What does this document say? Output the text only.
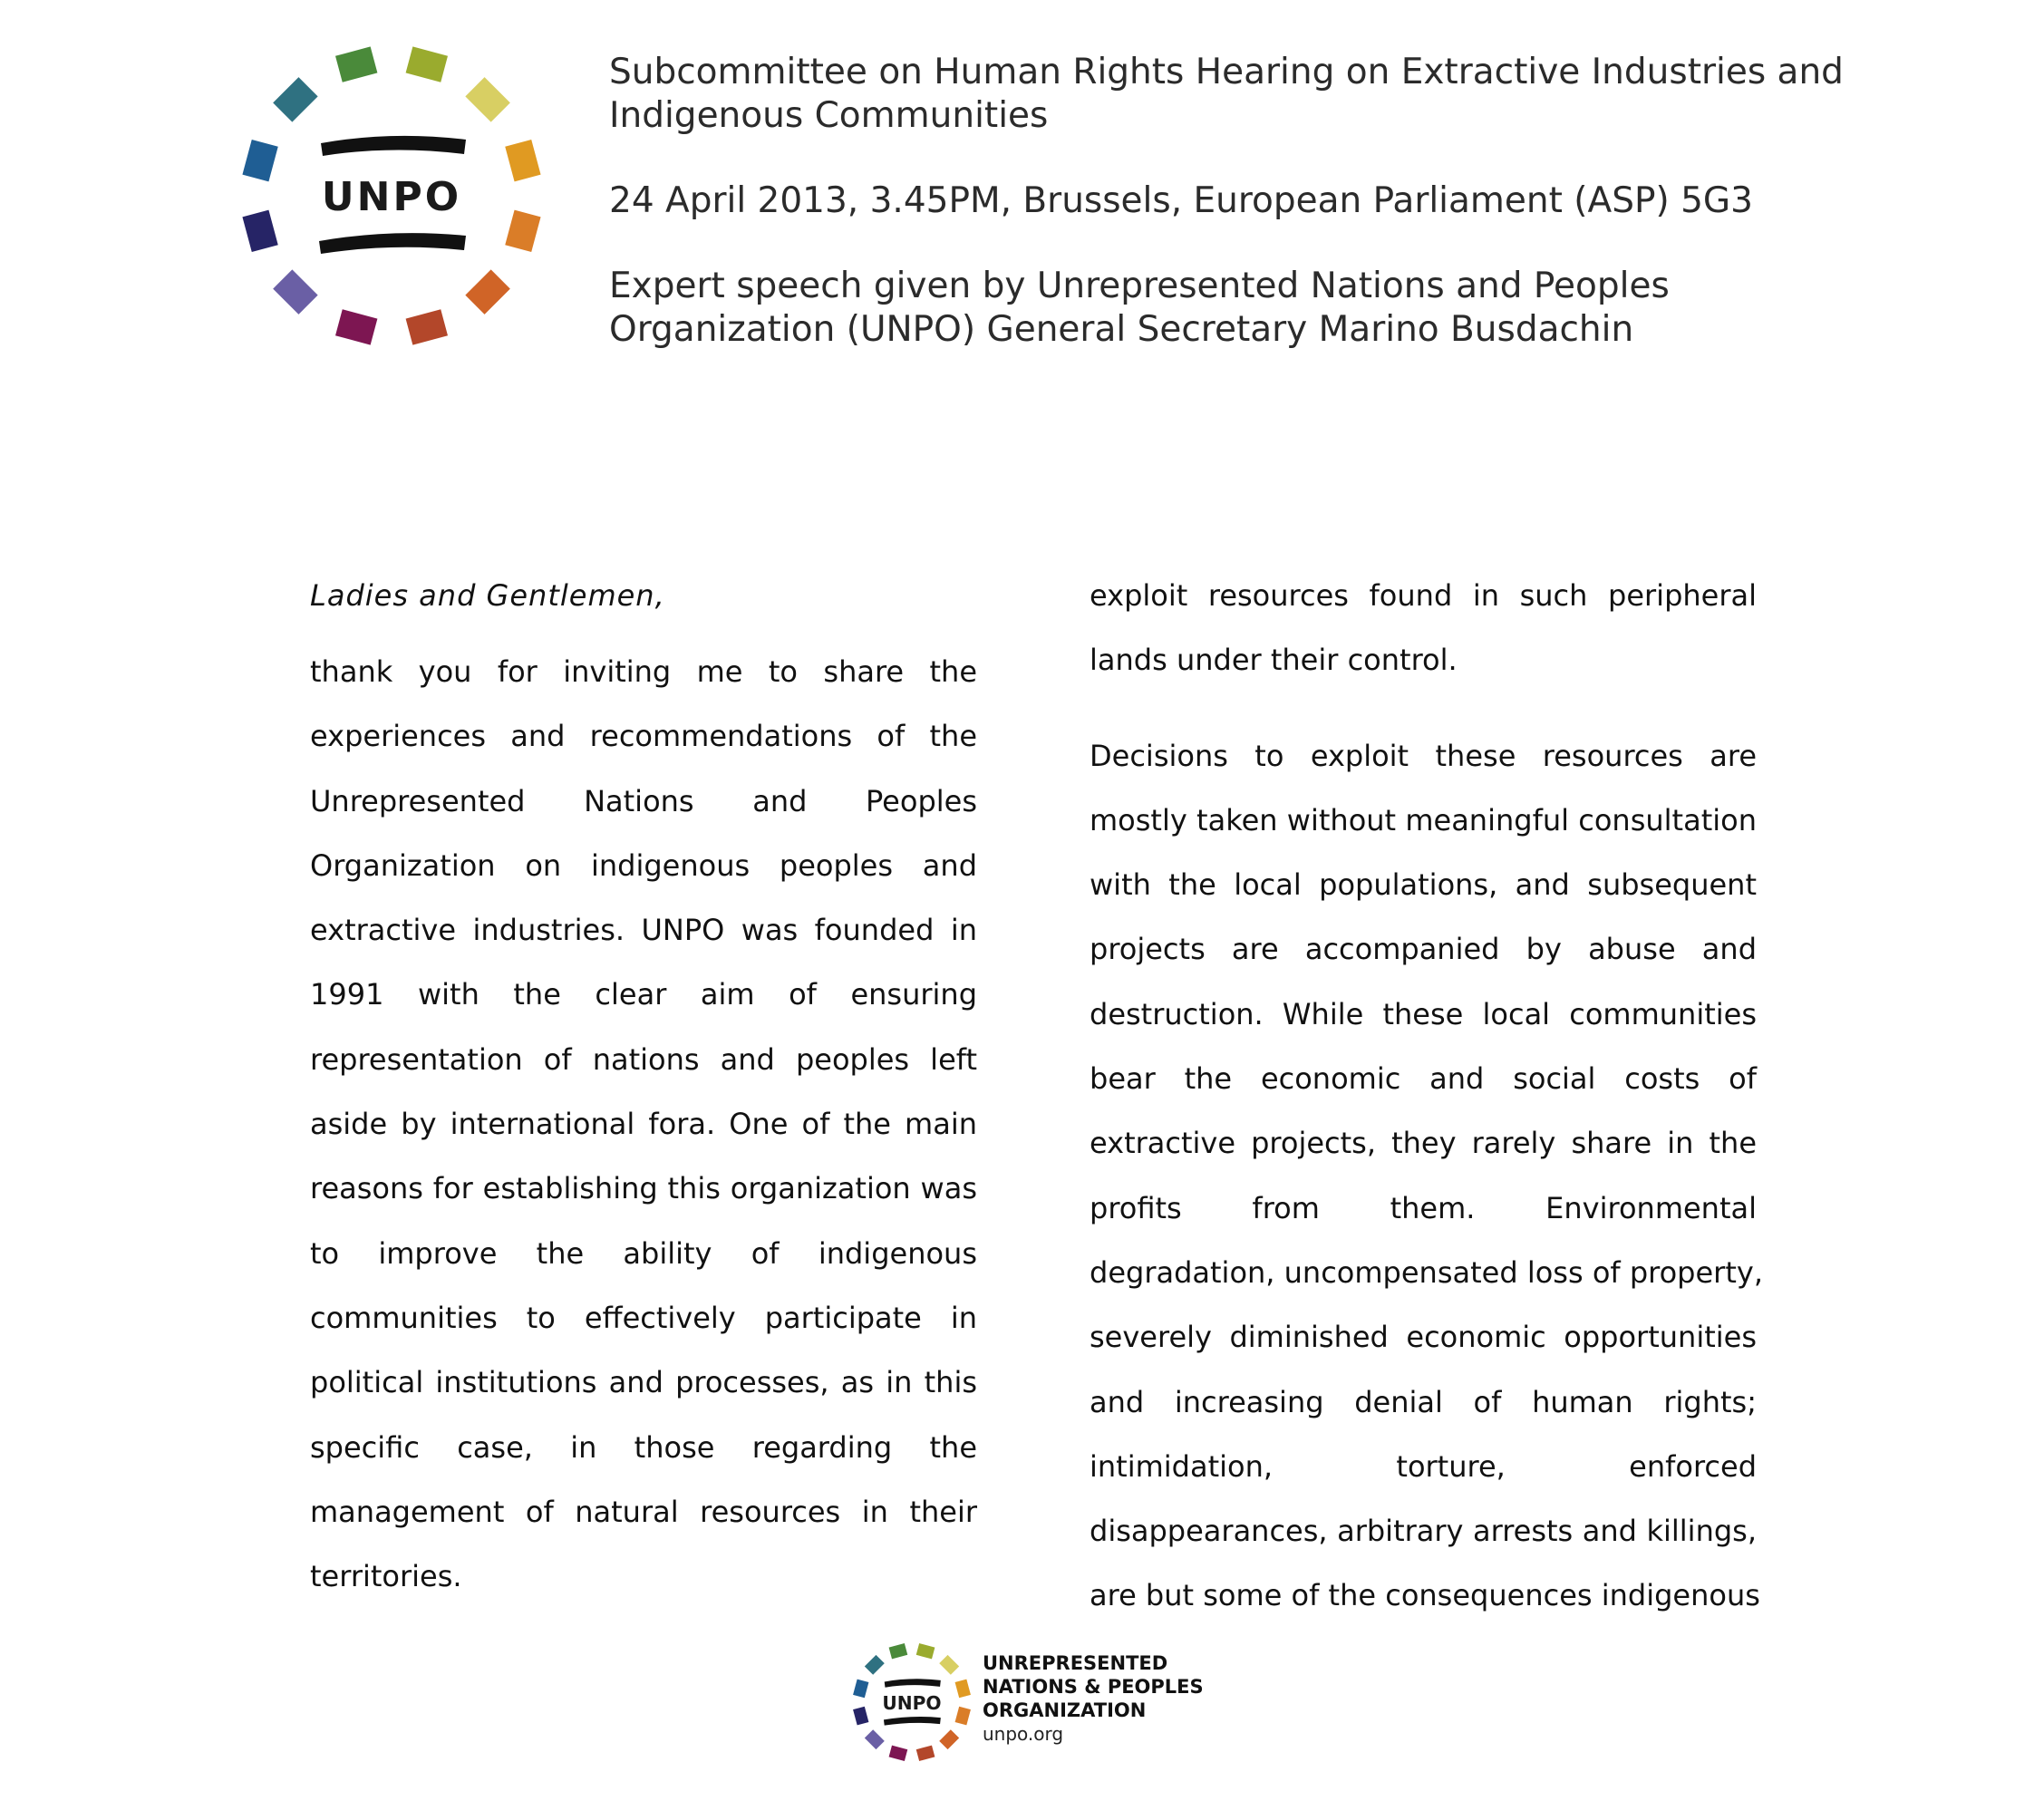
UNPO
Subcommittee on Human Rights Hearing on Extractive Industries and
Indigenous Communities
24 April 2013, 3.45PM, Brussels, European Parliament (ASP) 5G3
Expert speech given by Unrepresented Nations and Peoples
Organization (UNPO) General Secretary Marino Busdachin
Ladies and Gentlemen,
thank you for inviting me to share the
experiences and recommendations of the
Unrepresented Nations and Peoples
Organization on indigenous peoples and
extractive industries. UNPO was founded in
1991 with the clear aim of ensuring
representation of nations and peoples left
aside by international fora. One of the main
reasons for establishing this organization was
to improve the ability of indigenous
communities to effectively participate in
political institutions and processes, as in this
specific case, in those regarding the
management of natural resources in their
territories.
exploit resources found in such peripheral
lands under their control.
Decisions to exploit these resources are
mostly taken without meaningful consultation
with the local populations, and subsequent
projects are accompanied by abuse and
destruction. While these local communities
bear the economic and social costs of
extractive projects, they rarely share in the
profits from them. Environmental
degradation, uncompensated loss of property,
severely diminished economic opportunities
and increasing denial of human rights;
intimidation, torture, enforced
disappearances, arbitrary arrests and killings,
are but some of the consequences indigenous
UNPO
UNREPRESENTED
NATIONS & PEOPLES
ORGANIZATION
unpo.org
